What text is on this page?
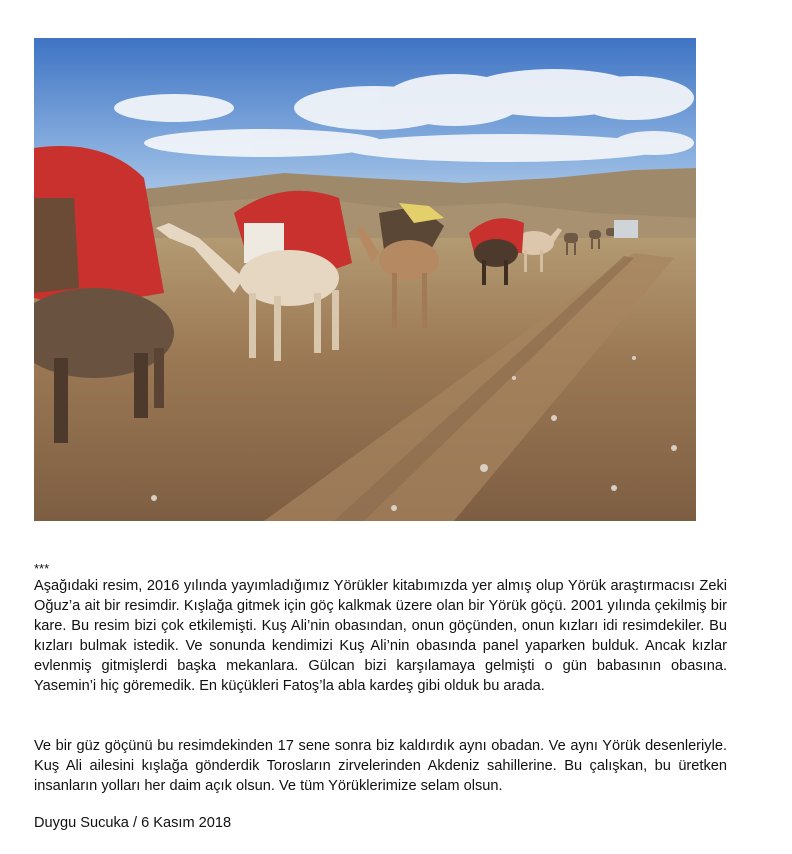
***

Aşağıdaki resim, 2016 yılında yayımladığımız Yörükler kitabımızda yer almış olup Yörük araştırmacısı Zeki Oğuz’a ait bir resimdir. Kışlağa gitmek için göç kalkmak üzere olan bir Yörük göçü. 2001 yılında çekilmiş bir kare. Bu resim bizi çok etkilemişti. Kuş Ali’nin obasından, onun göçünden, onun kızları idi resimdekiler. Bu kızları bulmak istedik. Ve sonunda kendimizi Kuş Ali’nin obasında panel yaparken bulduk. Ancak kızlar evlenmiş gitmişlerdi başka mekanlara. Gülcan bizi karşılamaya gelmişti o gün babasının obasına. Yasemin’i hiç göremedik. En küçükleri Fatoş’la abla kardeş gibi olduk bu arada.

Ve bir güz göçünü bu resimdekinden 17 sene sonra biz kaldırdık aynı obadan. Ve aynı Yörük desenleriyle. Kuş Ali ailesini kışlağa gönderdik Torosların zirvelerinden Akdeniz sahillerine. Bu çalışkan, bu üretken insanların yolları her daim açık olsun. Ve tüm Yörüklerimize selam olsun.

Duygu Sucuka / 6 Kasım 2018
